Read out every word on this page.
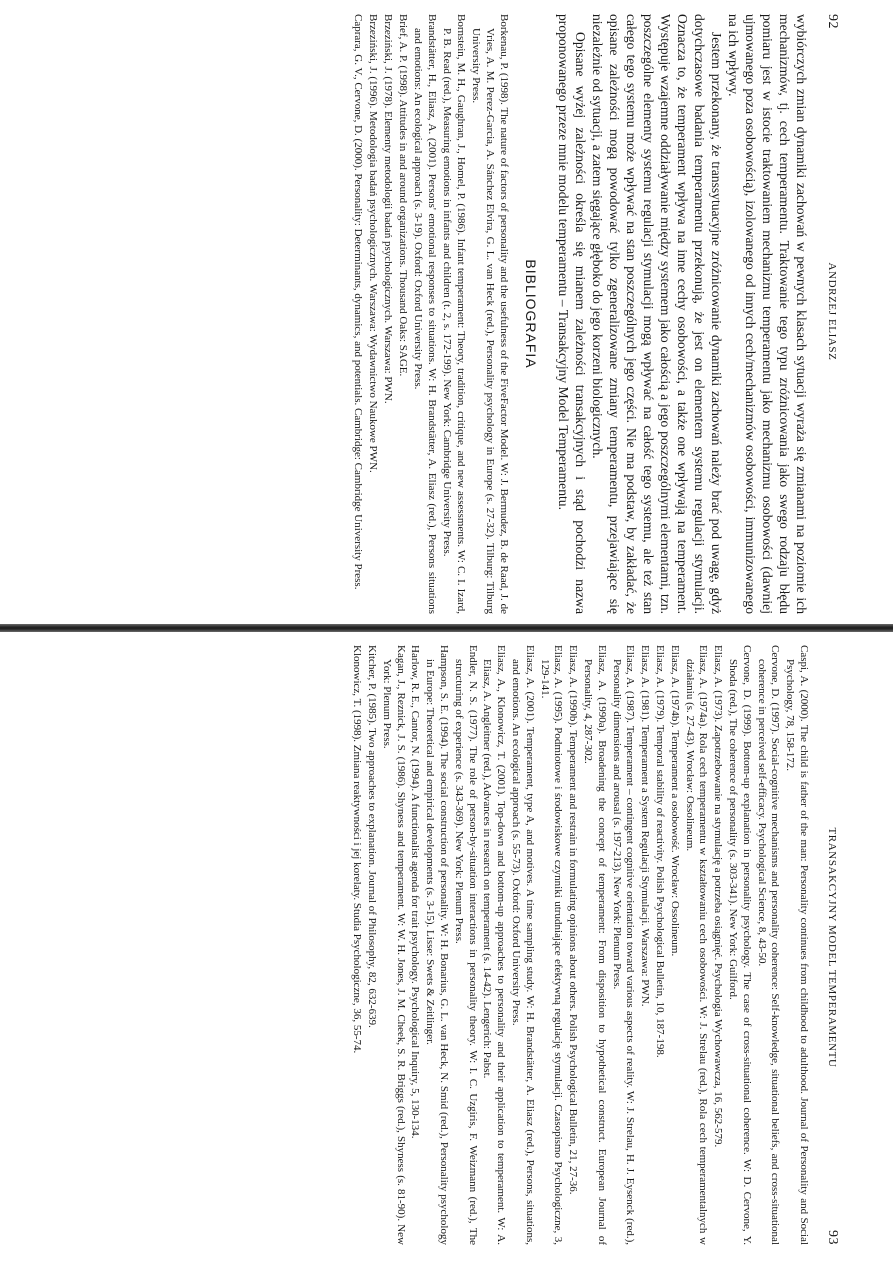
92
ANDRZEJ ELIASZ

wybiórczych zmian dynamiki zachowań w pewnych klasach sytuacji wyraża się zmianami na poziomie ich mechanizmów, tj. cech temperamentu. Traktowanie tego typu zróżnicowania jako swego rodzaju błędu pomiaru jest w istocie traktowaniem mechanizmu temperamentu jako mechanizmu osobowości (dawniej ujmowanego poza osobowością), izolowanego od innych cech/mechanizmów osobowości, immunizowanego na ich wpływy.

Jestem przekonany, że transsytuacyjne zróżnicowanie dynamiki zachowań należy brać pod uwagę, gdyż dotychczasowe badania temperamentu przekonują, że jest on elementem systemu regulacji stymulacji. Oznacza to, że temperament wpływa na inne cechy osobowości, a także one wpływają na temperament. Występuje wzajemne oddziaływanie między systemem jako całością a jego poszczególnymi elementami, tzn. poszczególne elementy systemu regulacji stymulacji mogą wpływać na całość tego systemu, ale też stan całego tego systemu może wpływać na stan poszczególnych jego części. Nie ma podstaw, by zakładać, że opisane zależności mogą powodować tylko zgeneralizowane zmiany temperamentu, przejawiające się niezależnie od sytuacji, a zatem sięgające głęboko do jego korzeni biologicznych.

Opisane wyżej zależności określa się mianem zależności transakcyjnych i stąd pochodzi nazwa proponowanego przeze mnie modelu temperamentu – Transakcyjny Model Temperamentu.

BIBLIOGRAFIA
Borkenau, P. (1998). The nature of factors of personality and the usefulness of the FiveFactor Model. W: J. Bermudez, B. de Raad, J. de Vries, A. M. Perez-Garcia, A. Sánchez Elvira, G. L. van Heck (red.), Personality psychology in Europe (s. 27-32). Tilburg: Tilburg University Press.
Bornstein, M. H., Gaughran, J., Homel, P. (1986). Infant temperament: Theory, tradition, critique, and new assessments. W: C. I. Izard, P. B. Read (red.), Measuring emotions in infants and children (t. 2, s. 172-199). New York: Cambridge University Press.
Brandstätter, H., Eliasz, A. (2001). Persons' emotional responses to situations. W: H. Brandstätter, A. Eliasz (red.), Persons situations and emotions: An ecological approach (s. 3-19). Oxford: Oxford University Press.
Brief, A. P. (1998). Attitudes in and around organizations. Thousand Oaks: SAGE.
Brzeziński, J. (1978). Elementy metodologii badań psychologicznych. Warszawa: PWN.
Brzeziński, J. (1996). Metodologia badań psychologicznych. Warszawa: Wydawnictwo Naukowe PWN.
Caprara, G. V., Cervone, D. (2000). Personality: Determinants, dynamics, and potentials. Cambridge: Cambridge University Press.
TRANSAKCYJNY MODEL TEMPERAMENTU
93
Caspi, A. (2000). The child is father of the man: Personality continues from childhood to adulthood. Journal of Personality and Social Psychology, 78, 158-172.
Cervone, D. (1997). Social-cognitive mechanisms and personality coherence: Self-knowledge, situational beliefs, and cross-situational coherence in perceived self-efficacy. Psychological Science, 8, 43-50.
Cervone, D. (1999). Bottom-up explanation in personality psychology. The case of cross-situational coherence. W: D. Cervone, Y. Shoda (red.), The coherence of personality (s. 303-341). New York: Guilford.
Eliasz, A. (1973). Zapotrzebowanie na stymulację a potrzeba osiągnięć. Psychologia Wychowawcza, 16, 562-579.
Eliasz, A. (1974a). Rola cech temperamentu w kształtowaniu cech osobowości. W: J. Strelau (red.), Rola cech temperamentalnych w działaniu (s. 27-43). Wrocław: Ossolineum.
Eliasz, A. (1974b). Temperament a osobowość. Wrocław: Ossolineum.
Eliasz, A. (1979). Temporal stability of reactivity. Polish Psychological Bulletin, 10, 187-198.
Eliasz, A. (1981). Temperament a System Regulacji Stymulacji. Warszawa: PWN.
Eliasz, A. (1987). Temperament – contingent cognitive orientation toward various aspects of reality. W: J. Strelau, H. J. Eysenck (red.), Personality dimensions and arousal (s. 197-213). New York: Plenum Press.
Eliasz, A. (1990a). Broadening the concept of temperament: From disposition to hypothetical construct. European Journal of Personality, 4, 287-302.
Eliasz, A. (1990b). Temperament and restrain in formulating opinions about others. Polish Psychological Bulletin, 21, 27-36.
Eliasz, A. (1995). Podmiotowe i środowiskowe czynniki utrudniające efektywną regulację stymulacji. Czasopismo Psychologiczne, 3, 129-141.
Eliasz, A. (2001). Temperament, type A, and motives. A time sampling study. W: H. Brandstätter, A. Eliasz (red.), Persons, situations, and emotions. An ecological approach (s. 55-73). Oxford: Oxford University Press.
Eliasz, A., Klonowicz, T. (2001). Top-down and bottom-up approaches to personality and their application to temperament. W: A. Eliasz, A. Angleitner (red.), Advances in research on temperament (s. 14-42). Lengerich: Pabst.
Endler, N. S. (1977). The role of person-by-situation interactions in personality theory. W: I. C. Uzgiris, F. Weizmann (red.), The structuring of experience (s. 343-369). New York: Plenum Press.
Hampson, S. E. (1994). The social construction of personality. W: H. Bonarius, G. L. van Heck, N. Smid (red.), Personality psychology in Europe: Theoretical and empirical developments (s. 3-15). Lisse: Swets & Zeitlinger.
Harlow, R. E., Cantor, N. (1994). A functionalist agenda for trait psychology. Psychological Inquiry, 5, 130-134.
Kagan, J., Reznick, J. S. (1986). Shyness and temperament. W: W. H. Jones, J. M. Cheek, S. R. Briggs (red.), Shyness (s. 81-90). New York: Plenum Press.
Kitcher, P. (1985). Two approaches to explanation. Journal of Philosophy, 82, 632-639.
Klonowicz, T. (1998). Zmiana reaktywności i jej korelaty. Studia Psychologiczne, 36, 55-74.
